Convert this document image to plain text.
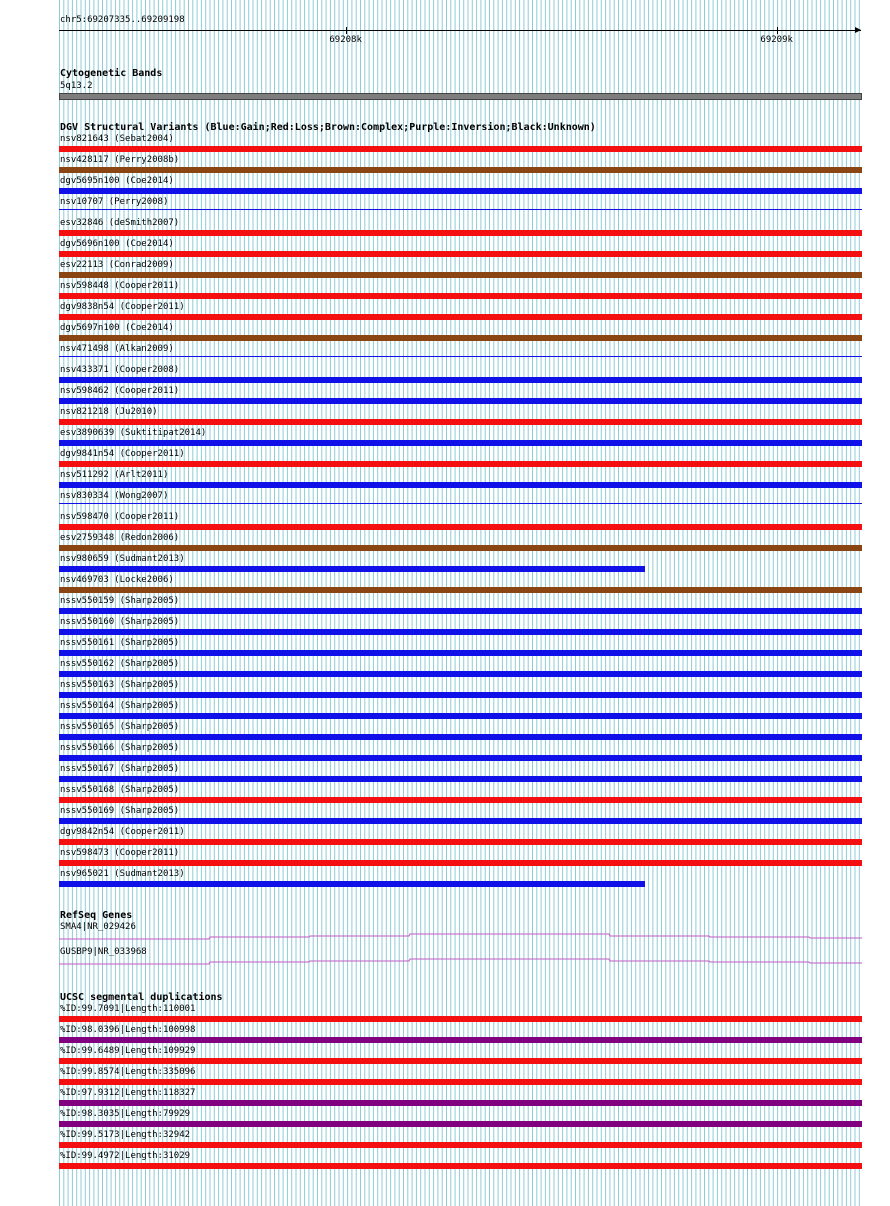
chr5:69207335..69209198
69208k	69209k
Cytogenetic Bands
5q13.2
DGV Structural Variants (Blue:Gain;Red:Loss;Brown:Complex;Purple:Inversion;Black:Unknown)
nsv821643 (Sebat2004)
nsv428117 (Perry2008b)
dgv5695n100 (Coe2014)
nsv10707 (Perry2008)
esv32846 (deSmith2007)
dgv5696n100 (Coe2014)
esv22113 (Conrad2009)
nsv598448 (Cooper2011)
dgv9838n54 (Cooper2011)
dgv5697n100 (Coe2014)
nsv471498 (Alkan2009)
nsv433371 (Cooper2008)
nsv598462 (Cooper2011)
nsv821218 (Ju2010)
esv3890639 (Suktitipat2014)
dgv9841n54 (Cooper2011)
nsv511292 (Arlt2011)
nsv830334 (Wong2007)
nsv598470 (Cooper2011)
esv2759348 (Redon2006)
nsv980659 (Sudmant2013)
nsv469703 (Locke2006)
nssv550159 (Sharp2005)
nssv550160 (Sharp2005)
nssv550161 (Sharp2005)
nssv550162 (Sharp2005)
nssv550163 (Sharp2005)
nssv550164 (Sharp2005)
nssv550165 (Sharp2005)
nssv550166 (Sharp2005)
nssv550167 (Sharp2005)
nssv550168 (Sharp2005)
nssv550169 (Sharp2005)
dgv9842n54 (Cooper2011)
nsv598473 (Cooper2011)
nsv965021 (Sudmant2013)
RefSeq Genes
SMA4|NR_029426
GUSBP9|NR_033968
UCSC segmental duplications
%ID:99.7091|Length:110001
%ID:98.0396|Length:100998
%ID:99.6489|Length:109929
%ID:99.8574|Length:335096
%ID:97.9312|Length:118327
%ID:98.3035|Length:79929
%ID:99.5173|Length:32942
%ID:99.4972|Length:31029
